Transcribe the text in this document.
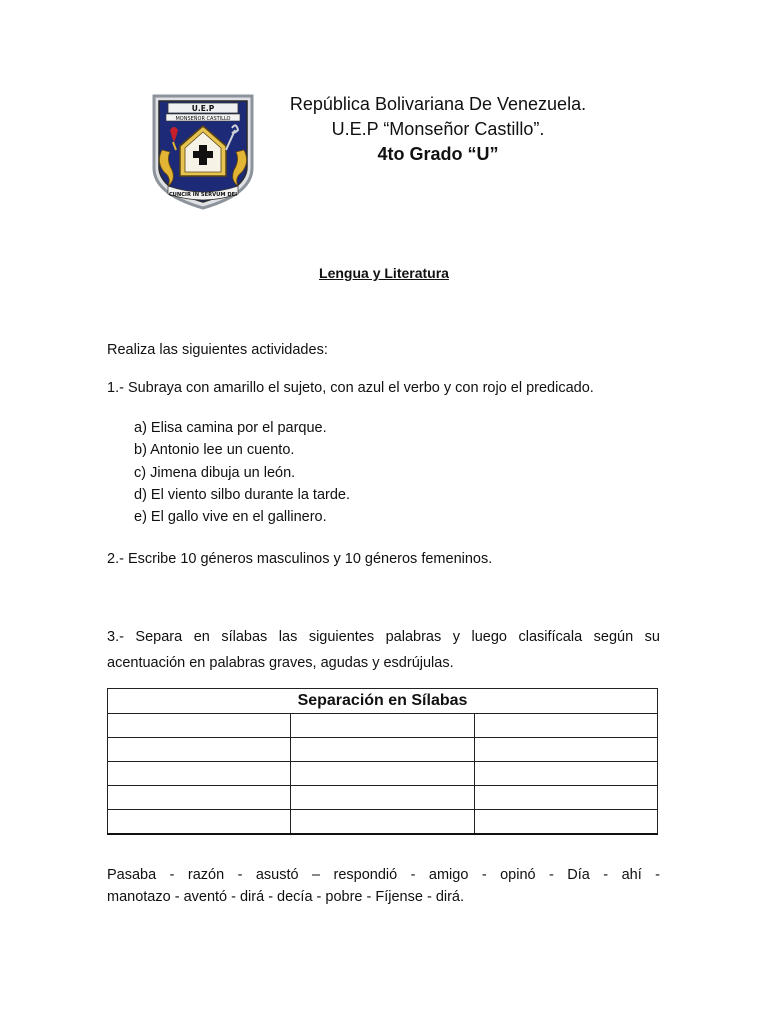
U.E.P
MONSEÑOR CASTILLO
CUNCIR IN SERVUM DEI
República Bolivariana De Venezuela.
U.E.P “Monseñor Castillo”.
4to Grado “U”
Lengua y Literatura
Realiza las siguientes actividades:
1.- Subraya con amarillo el sujeto, con azul el verbo y con rojo el predicado.
a) Elisa camina por el parque.
b) Antonio lee un cuento.
c) Jimena dibuja un león.
d) El viento silbo durante la tarde.
e) El gallo vive en el gallinero.
2.- Escribe 10 géneros masculinos y 10 géneros femeninos.
3.- Separa en sílabas las siguientes palabras y luego clasifícala según su
acentuación en palabras graves, agudas y esdrújulas.
Separación en Sílabas		

Pasaba - razón - asustó – respondió - amigo - opinó - Día - ahí -
manotazo - aventó - dirá - decía - pobre - Fíjense - dirá.
